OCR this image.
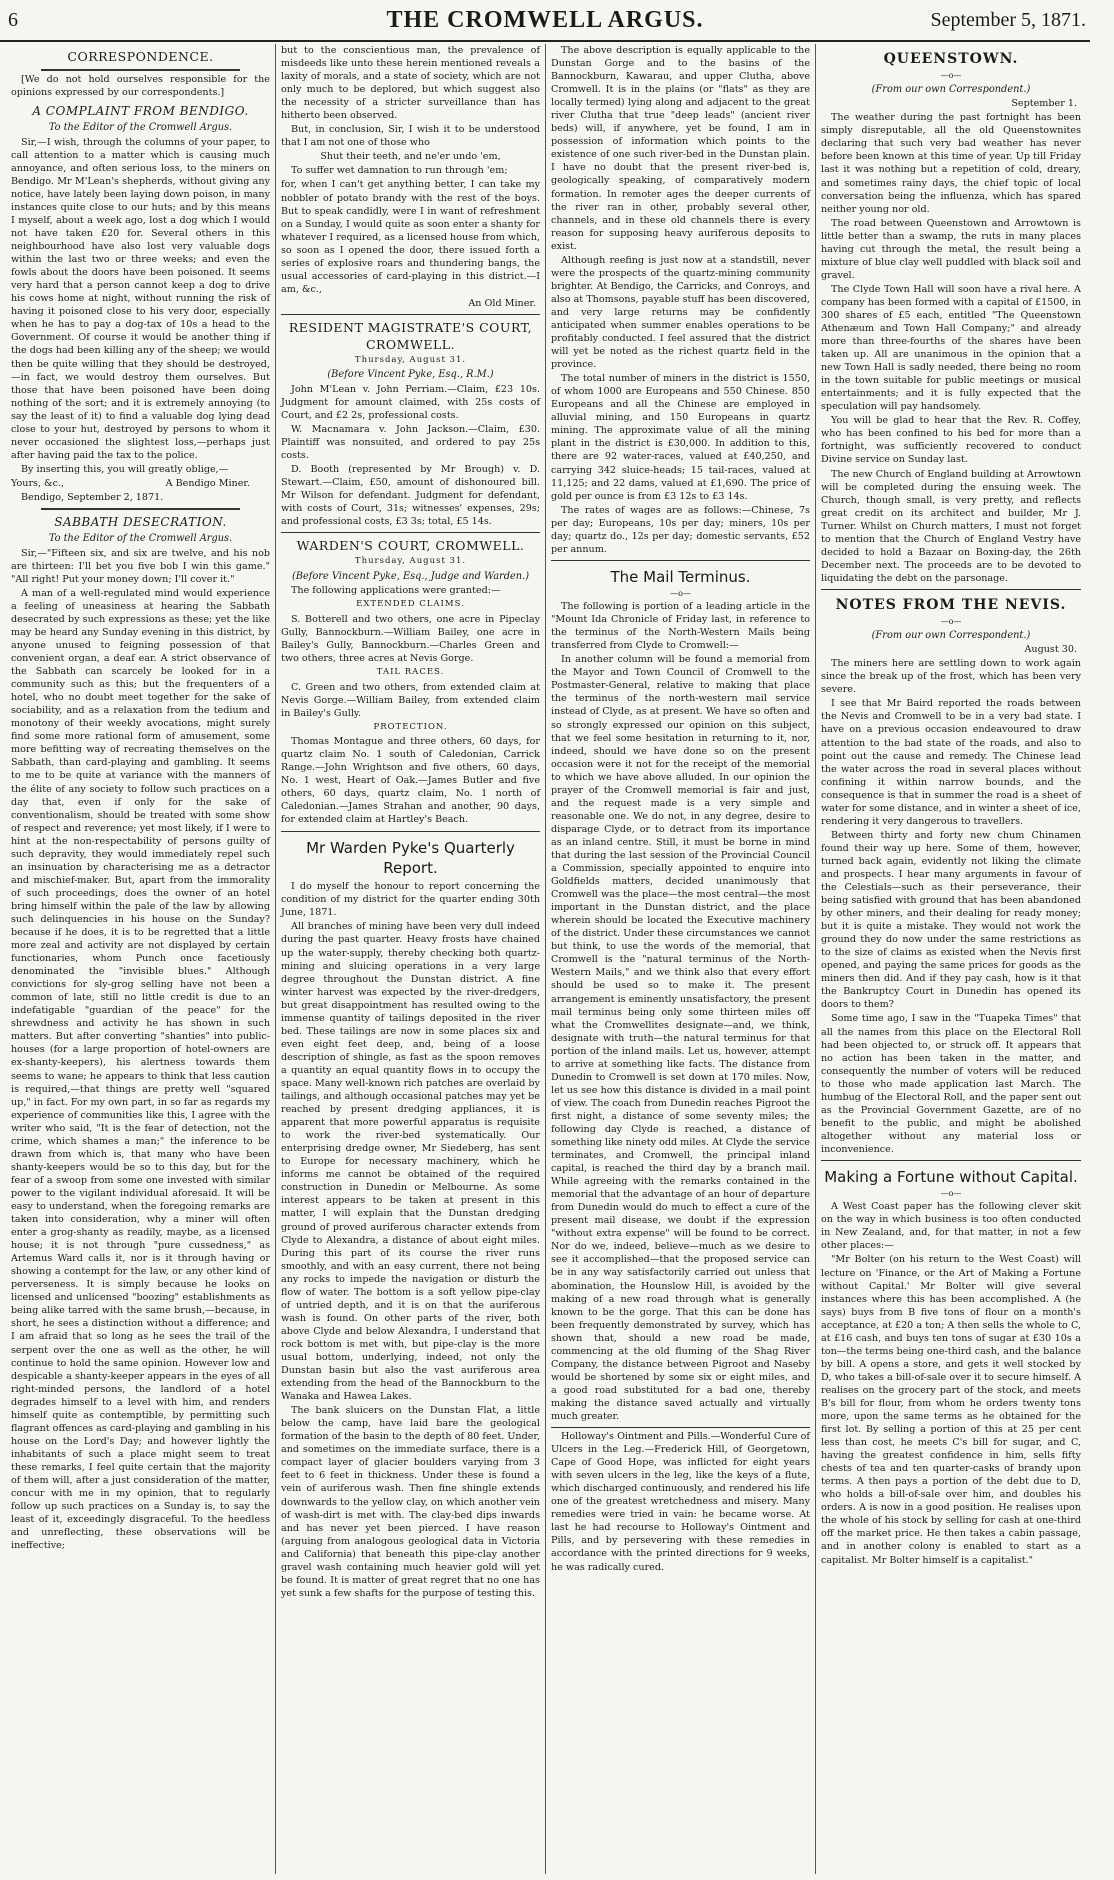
6	THE CROMWELL ARGUS.	September 5, 1871.
CORRESPONDENCE.

[We do not hold ourselves responsible for the opinions expressed by our correspondents.]

A COMPLAINT FROM BENDIGO.
To the Editor of the Cromwell Argus.

Sir,—I wish, through the columns of your paper, to call attention to a matter which is causing much annoyance, and often serious loss, to the miners on Bendigo. Mr M'Lean's shepherds, without giving any notice, have lately been laying down poison, in many instances quite close to our huts; and by this means I myself, about a week ago, lost a dog which I would not have taken £20 for. Several others in this neighbourhood have also lost very valuable dogs within the last two or three weeks; and even the fowls about the doors have been poisoned. It seems very hard that a person cannot keep a dog to drive his cows home at night, without running the risk of having it poisoned close to his very door, especially when he has to pay a dog-tax of 10s a head to the Government. Of course it would be another thing if the dogs had been killing any of the sheep; we would then be quite willing that they should be destroyed, —in fact, we would destroy them ourselves. But those that have been poisoned have been doing nothing of the sort; and it is extremely annoying (to say the least of it) to find a valuable dog lying dead close to your hut, destroyed by persons to whom it never occasioned the slightest loss,—perhaps just after having paid the tax to the police.

By inserting this, you will greatly oblige,—

Yours, &c.,	A Bendigo Miner.

Bendigo, September 2, 1871.

SABBATH DESECRATION.
To the Editor of the Cromwell Argus.

Sir,—"Fifteen six, and six are twelve, and his nob are thirteen: I'll bet you five bob I win this game." "All right! Put your money down; I'll cover it."

A man of a well-regulated mind would experience a feeling of uneasiness at hearing the Sabbath desecrated by such expressions as these; yet the like may be heard any Sunday evening in this district, by anyone unused to feigning possession of that convenient organ, a deaf ear. A strict observance of the Sabbath can scarcely be looked for in a community such as this; but the frequenters of a hotel, who no doubt meet together for the sake of sociability, and as a relaxation from the tedium and monotony of their weekly avocations, might surely find some more rational form of amusement, some more befitting way of recreating themselves on the Sabbath, than card-playing and gambling. It seems to me to be quite at variance with the manners of the élite of any society to follow such practices on a day that, even if only for the sake of conventionalism, should be treated with some show of respect and reverence; yet most likely, if I were to hint at the non-respectability of persons guilty of such depravity, they would immediately repel such an insinuation by characterising me as a detractor and mischief-maker. But, apart from the immorality of such proceedings, does the owner of an hotel bring himself within the pale of the law by allowing such delinquencies in his house on the Sunday? because if he does, it is to be regretted that a little more zeal and activity are not displayed by certain functionaries, whom Punch once facetiously denominated the "invisible blues." Although convictions for sly-grog selling have not been a common of late, still no little credit is due to an indefatigable "guardian of the peace" for the shrewdness and activity he has shown in such matters. But after converting "shanties" into public-houses (for a large proportion of hotel-owners are ex-shanty-keepers), his alertness towards them seems to wane; he appears to think that less caution is required,—that things are pretty well "squared up," in fact. For my own part, in so far as regards my experience of communities like this, I agree with the writer who said, "It is the fear of detection, not the crime, which shames a man;" the inference to be drawn from which is, that many who have been shanty-keepers would be so to this day, but for the fear of a swoop from some one invested with similar power to the vigilant individual aforesaid. It will be easy to understand, when the foregoing remarks are taken into consideration, why a miner will often enter a grog-shanty as readily, maybe, as a licensed house; it is not through "pure cussedness," as Artemus Ward calls it, nor is it through having or showing a contempt for the law, or any other kind of perverseness. It is simply because he looks on licensed and unlicensed "boozing" establishments as being alike tarred with the same brush,—because, in short, he sees a distinction without a difference; and I am afraid that so long as he sees the trail of the serpent over the one as well as the other, he will continue to hold the same opinion. However low and despicable a shanty-keeper appears in the eyes of all right-minded persons, the landlord of a hotel degrades himself to a level with him, and renders himself quite as contemptible, by permitting such flagrant offences as card-playing and gambling in his house on the Lord's Day; and however lightly the inhabitants of such a place might seem to treat these remarks, I feel quite certain that the majority of them will, after a just consideration of the matter, concur with me in my opinion, that to regularly follow up such practices on a Sunday is, to say the least of it, exceedingly disgraceful. To the heedless and unreflecting, these observations will be ineffective;

but to the conscientious man, the prevalence of misdeeds like unto these herein mentioned reveals a laxity of morals, and a state of society, which are not only much to be deplored, but which suggest also the necessity of a stricter surveillance than has hitherto been observed.

But, in conclusion, Sir, I wish it to be understood that I am not one of those who

Shut their teeth, and ne'er undo 'em,

To suffer wet damnation to run through 'em;

for, when I can't get anything better, I can take my nobbler of potato brandy with the rest of the boys. But to speak candidly, were I in want of refreshment on a Sunday, I would quite as soon enter a shanty for whatever I required, as a licensed house from which, so soon as I opened the door, there issued forth a series of explosive roars and thundering bangs, the usual accessories of card-playing in this district.—I am, &c.,

An Old Miner.
RESIDENT MAGISTRATE'S COURT, CROMWELL.
Thursday, August 31.
(Before Vincent Pyke, Esq., R.M.)

John M'Lean v. John Perriam.—Claim, £23 10s. Judgment for amount claimed, with 25s costs of Court, and £2 2s, professional costs.

W. Macnamara v. John Jackson.—Claim, £30. Plaintiff was nonsuited, and ordered to pay 25s costs.

D. Booth (represented by Mr Brough) v. D. Stewart.—Claim, £50, amount of dishonoured bill. Mr Wilson for defendant. Judgment for defendant, with costs of Court, 31s; witnesses' expenses, 29s; and professional costs, £3 3s; total, £5 14s.

WARDEN'S COURT, CROMWELL.
Thursday, August 31.
(Before Vincent Pyke, Esq., Judge and Warden.)

The following applications were granted:—

EXTENDED CLAIMS.

S. Botterell and two others, one acre in Pipeclay Gully, Bannockburn.—William Bailey, one acre in Bailey's Gully, Bannockburn.—Charles Green and two others, three acres at Nevis Gorge.

TAIL RACES.

C. Green and two others, from extended claim at Nevis Gorge.—William Bailey, from extended claim in Bailey's Gully.

PROTECTION.

Thomas Montague and three others, 60 days, for quartz claim No. 1 south of Caledonian, Carrick Range.—John Wrightson and five others, 60 days, No. 1 west, Heart of Oak.—James Butler and five others, 60 days, quartz claim, No. 1 north of Caledonian.—James Strahan and another, 90 days, for extended claim at Hartley's Beach.

Mr Warden Pyke's Quarterly Report.

I do myself the honour to report concerning the condition of my district for the quarter ending 30th June, 1871.

All branches of mining have been very dull indeed during the past quarter. Heavy frosts have chained up the water-supply, thereby checking both quartz-mining and sluicing operations in a very large degree throughout the Dunstan district. A fine winter harvest was expected by the river-dredgers, but great disappointment has resulted owing to the immense quantity of tailings deposited in the river bed. These tailings are now in some places six and even eight feet deep, and, being of a loose description of shingle, as fast as the spoon removes a quantity an equal quantity flows in to occupy the space. Many well-known rich patches are overlaid by tailings, and although occasional patches may yet be reached by present dredging appliances, it is apparent that more powerful apparatus is requisite to work the river-bed systematically. Our enterprising dredge owner, Mr Siedeberg, has sent to Europe for necessary machinery, which he informs me cannot be obtained of the required construction in Dunedin or Melbourne. As some interest appears to be taken at present in this matter, I will explain that the Dunstan dredging ground of proved auriferous character extends from Clyde to Alexandra, a distance of about eight miles. During this part of its course the river runs smoothly, and with an easy current, there not being any rocks to impede the navigation or disturb the flow of water. The bottom is a soft yellow pipe-clay of untried depth, and it is on that the auriferous wash is found. On other parts of the river, both above Clyde and below Alexandra, I understand that rock bottom is met with, but pipe-clay is the more usual bottom, underlying, indeed, not only the Dunstan basin but also the vast auriferous area extending from the head of the Bannockburn to the Wanaka and Hawea Lakes.

The bank sluicers on the Dunstan Flat, a little below the camp, have laid bare the geological formation of the basin to the depth of 80 feet. Under, and sometimes on the immediate surface, there is a compact layer of glacier boulders varying from 3 feet to 6 feet in thickness. Under these is found a vein of auriferous wash. Then fine shingle extends downwards to the yellow clay, on which another vein of wash-dirt is met with. The clay-bed dips inwards and has never yet been pierced. I have reason (arguing from analogous geological data in Victoria and California) that beneath this pipe-clay another gravel wash containing much heavier gold will yet be found. It is matter of great regret that no one has yet sunk a few shafts for the purpose of testing this.

The above description is equally applicable to the Dunstan Gorge and to the basins of the Bannockburn, Kawarau, and upper Clutha, above Cromwell. It is in the plains (or "flats" as they are locally termed) lying along and adjacent to the great river Clutha that true "deep leads" (ancient river beds) will, if anywhere, yet be found, I am in possession of information which points to the existence of one such river-bed in the Dunstan plain. I have no doubt that the present river-bed is, geologically speaking, of comparatively modern formation. In remoter ages the deeper currents of the river ran in other, probably several other, channels, and in these old channels there is every reason for supposing heavy auriferous deposits to exist.

Although reefing is just now at a standstill, never were the prospects of the quartz-mining community brighter. At Bendigo, the Carricks, and Conroys, and also at Thomsons, payable stuff has been discovered, and very large returns may be confidently anticipated when summer enables operations to be profitably conducted. I feel assured that the district will yet be noted as the richest quartz field in the province.

The total number of miners in the district is 1550, of whom 1000 are Europeans and 550 Chinese. 850 Europeans and all the Chinese are employed in alluvial mining, and 150 Europeans in quartz mining. The approximate value of all the mining plant in the district is £30,000. In addition to this, there are 92 water-races, valued at £40,250, and carrying 342 sluice-heads; 15 tail-races, valued at 11,125; and 22 dams, valued at £1,690. The price of gold per ounce is from £3 12s to £3 14s.

The rates of wages are as follows:—Chinese, 7s per day; Europeans, 10s per day; miners, 10s per day; quartz do., 12s per day; domestic servants, £52 per annum.

The Mail Terminus.
—o—

The following is portion of a leading article in the "Mount Ida Chronicle of Friday last, in reference to the terminus of the North-Western Mails being transferred from Clyde to Cromwell:—

In another column will be found a memorial from the Mayor and Town Council of Cromwell to the Postmaster-General, relative to making that place the terminus of the north-western mail service instead of Clyde, as at present. We have so often and so strongly expressed our opinion on this subject, that we feel some hesitation in returning to it, nor, indeed, should we have done so on the present occasion were it not for the receipt of the memorial to which we have above alluded. In our opinion the prayer of the Cromwell memorial is fair and just, and the request made is a very simple and reasonable one. We do not, in any degree, desire to disparage Clyde, or to detract from its importance as an inland centre. Still, it must be borne in mind that during the last session of the Provincial Council a Commission, specially appointed to enquire into Goldfields matters, decided unanimously that Cromwell was the place—the most central—the most important in the Dunstan district, and the place wherein should be located the Executive machinery of the district. Under these circumstances we cannot but think, to use the words of the memorial, that Cromwell is the "natural terminus of the North-Western Mails," and we think also that every effort should be used so to make it. The present arrangement is eminently unsatisfactory, the present mail terminus being only some thirteen miles off what the Cromwellites designate—and, we think, designate with truth—the natural terminus for that portion of the inland mails. Let us, however, attempt to arrive at something like facts. The distance from Dunedin to Cromwell is set down at 170 miles. Now, let us see how this distance is divided in a mail point of view. The coach from Dunedin reaches Pigroot the first night, a distance of some seventy miles; the following day Clyde is reached, a distance of something like ninety odd miles. At Clyde the service terminates, and Cromwell, the principal inland capital, is reached the third day by a branch mail. While agreeing with the remarks contained in the memorial that the advantage of an hour of departure from Dunedin would do much to effect a cure of the present mail disease, we doubt if the expression "without extra expense" will be found to be correct. Nor do we, indeed, believe—much as we desire to see it accomplished—that the proposed service can be in any way satisfactorily carried out unless that abomination, the Hounslow Hill, is avoided by the making of a new road through what is generally known to be the gorge. That this can be done has been frequently demonstrated by survey, which has shown that, should a new road be made, commencing at the old fluming of the Shag River Company, the distance between Pigroot and Naseby would be shortened by some six or eight miles, and a good road substituted for a bad one, thereby making the distance saved actually and virtually much greater.

Holloway's Ointment and Pills.—Wonderful Cure of Ulcers in the Leg.—Frederick Hill, of Georgetown, Cape of Good Hope, was inflicted for eight years with seven ulcers in the leg, like the keys of a flute, which discharged continuously, and rendered his life one of the greatest wretchedness and misery. Many remedies were tried in vain: he became worse. At last he had recourse to Holloway's Ointment and Pills, and by persevering with these remedies in accordance with the printed directions for 9 weeks, he was radically cured.

QUEENSTOWN.
—o—
(From our own Correspondent.)
September 1.

The weather during the past fortnight has been simply disreputable, all the old Queenstownites declaring that such very bad weather has never before been known at this time of year. Up till Friday last it was nothing but a repetition of cold, dreary, and sometimes rainy days, the chief topic of local conversation being the influenza, which has spared neither young nor old.

The road between Queenstown and Arrowtown is little better than a swamp, the ruts in many places having cut through the metal, the result being a mixture of blue clay well puddled with black soil and gravel.

The Clyde Town Hall will soon have a rival here. A company has been formed with a capital of £1500, in 300 shares of £5 each, entitled "The Queenstown Athenæum and Town Hall Company;" and already more than three-fourths of the shares have been taken up. All are unanimous in the opinion that a new Town Hall is sadly needed, there being no room in the town suitable for public meetings or musical entertainments; and it is fully expected that the speculation will pay handsomely.

You will be glad to hear that the Rev. R. Coffey, who has been confined to his bed for more than a fortnight, was sufficiently recovered to conduct Divine service on Sunday last.

The new Church of England building at Arrowtown will be completed during the ensuing week. The Church, though small, is very pretty, and reflects great credit on its architect and builder, Mr J. Turner. Whilst on Church matters, I must not forget to mention that the Church of England Vestry have decided to hold a Bazaar on Boxing-day, the 26th December next. The proceeds are to be devoted to liquidating the debt on the parsonage.

NOTES FROM THE NEVIS.
—o—
(From our own Correspondent.)
August 30.

The miners here are settling down to work again since the break up of the frost, which has been very severe.

I see that Mr Baird reported the roads between the Nevis and Cromwell to be in a very bad state. I have on a previous occasion endeavoured to draw attention to the bad state of the roads, and also to point out the cause and remedy. The Chinese lead the water across the road in several places without confining it within narrow bounds, and the consequence is that in summer the road is a sheet of water for some distance, and in winter a sheet of ice, rendering it very dangerous to travellers.

Between thirty and forty new chum Chinamen found their way up here. Some of them, however, turned back again, evidently not liking the climate and prospects. I hear many arguments in favour of the Celestials—such as their perseverance, their being satisfied with ground that has been abandoned by other miners, and their dealing for ready money; but it is quite a mistake. They would not work the ground they do now under the same restrictions as to the size of claims as existed when the Nevis first opened, and paying the same prices for goods as the miners then did. And if they pay cash, how is it that the Bankruptcy Court in Dunedin has opened its doors to them?

Some time ago, I saw in the "Tuapeka Times" that all the names from this place on the Electoral Roll had been objected to, or struck off. It appears that no action has been taken in the matter, and consequently the number of voters will be reduced to those who made application last March. The humbug of the Electoral Roll, and the paper sent out as the Provincial Government Gazette, are of no benefit to the public, and might be abolished altogether without any material loss or inconvenience.

Making a Fortune without Capital.
—o—

A West Coast paper has the following clever skit on the way in which business is too often conducted in New Zealand, and, for that matter, in not a few other places:—

"Mr Bolter (on his return to the West Coast) will lecture on 'Finance, or the Art of Making a Fortune without Capital.' Mr Bolter will give several instances where this has been accomplished. A (he says) buys from B five tons of flour on a month's acceptance, at £20 a ton; A then sells the whole to C, at £16 cash, and buys ten tons of sugar at £30 10s a ton—the terms being one-third cash, and the balance by bill. A opens a store, and gets it well stocked by D, who takes a bill-of-sale over it to secure himself. A realises on the grocery part of the stock, and meets B's bill for flour, from whom he orders twenty tons more, upon the same terms as he obtained for the first lot. By selling a portion of this at 25 per cent less than cost, he meets C's bill for sugar, and C, having the greatest confidence in him, sells fifty chests of tea and ten quarter-casks of brandy upon terms. A then pays a portion of the debt due to D, who holds a bill-of-sale over him, and doubles his orders. A is now in a good position. He realises upon the whole of his stock by selling for cash at one-third off the market price. He then takes a cabin passage, and in another colony is enabled to start as a capitalist. Mr Bolter himself is a capitalist."
